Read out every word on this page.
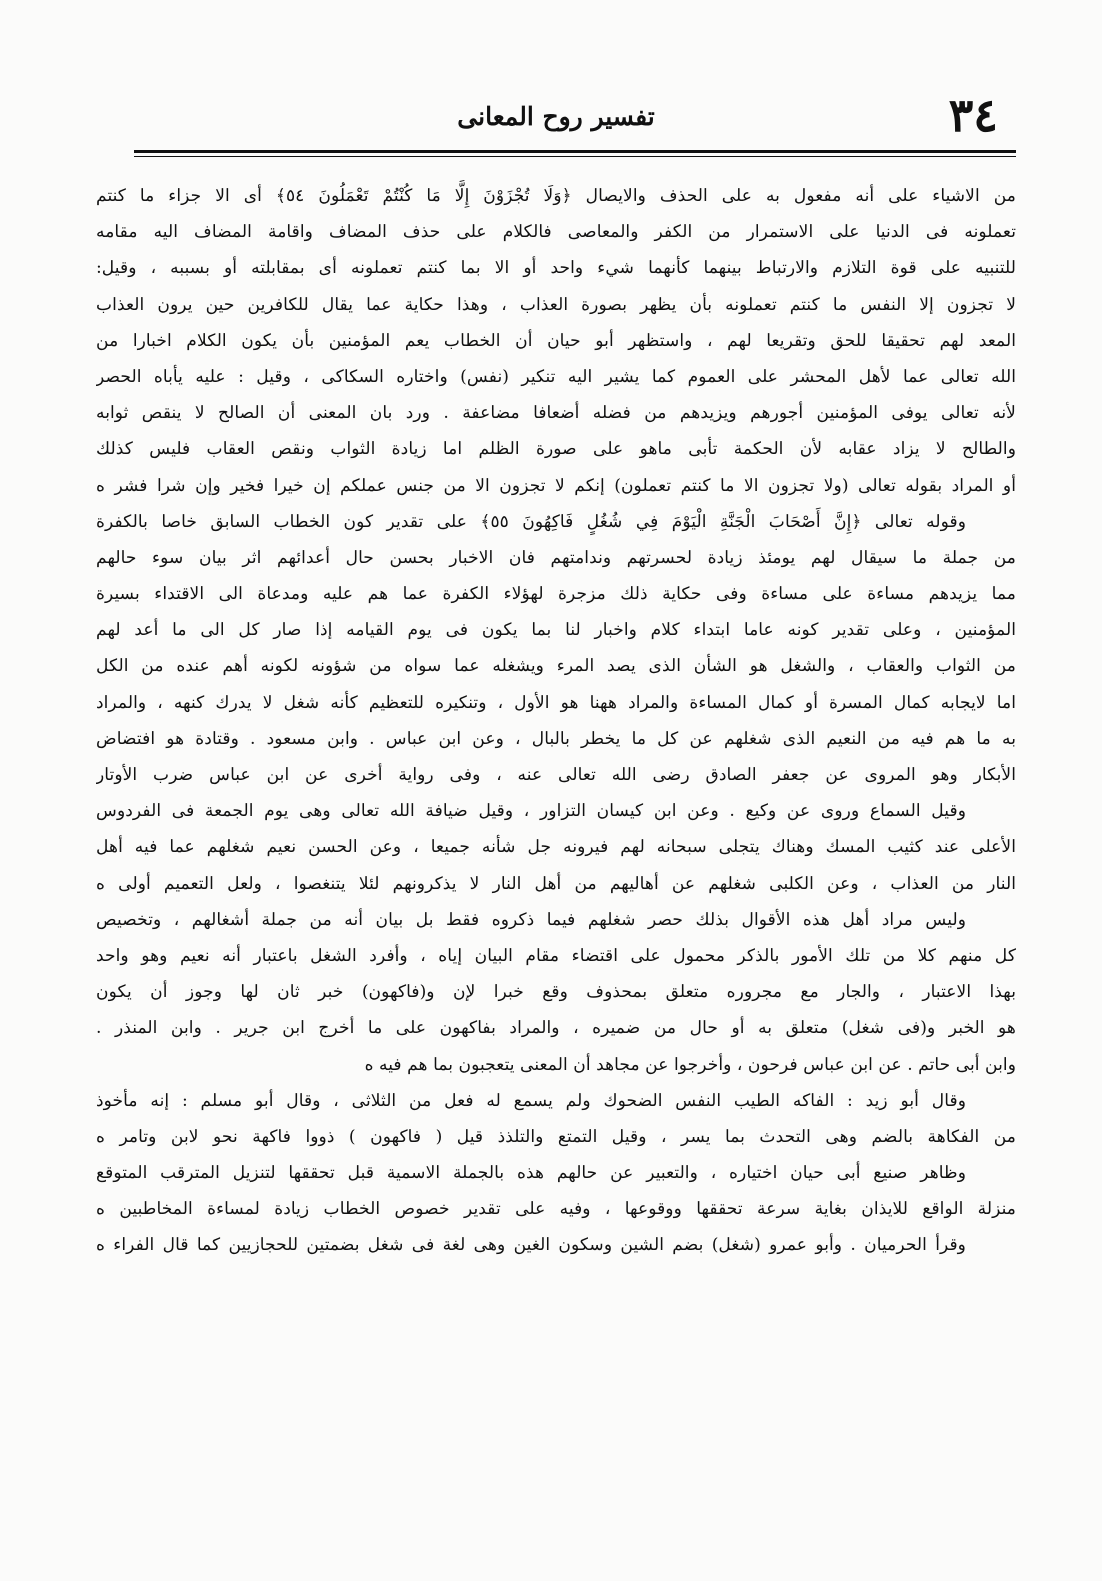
٣٤
تفسير روح المعانى
من الاشياء على أنه مفعول به على الحذف والايصال ﴿وَلَا تُجْزَوْنَ إِلَّا مَا كُنْتُمْ تَعْمَلُونَ ٥٤﴾ أى الا جزاء ما كنتم
تعملونه فى الدنيا على الاستمرار من الكفر والمعاصى فالكلام على حذف المضاف واقامة المضاف اليه مقامه
للتنبيه على قوة التلازم والارتباط بينهما كأنهما شيء واحد أو الا بما كنتم تعملونه أى بمقابلته أو بسببه ، وقيل:
لا تجزون إلا النفس ما كنتم تعملونه بأن يظهر بصورة العذاب ، وهذا حكاية عما يقال للكافرين حين يرون العذاب
المعد لهم تحقيقا للحق وتقريعا لهم ، واستظهر أبو حيان أن الخطاب يعم المؤمنين بأن يكون الكلام اخبارا من
الله تعالى عما لأهل المحشر على العموم كما يشير اليه تنكير (نفس) واختاره السكاكى ، وقيل : عليه يأباه الحصر
لأنه تعالى يوفى المؤمنين أجورهم ويزيدهم من فضله أضعافا مضاعفة . ورد بان المعنى أن الصالح لا ينقص ثوابه
والطالح لا يزاد عقابه لأن الحكمة تأبى ماهو على صورة الظلم اما زيادة الثواب ونقص العقاب فليس كذلك
أو المراد بقوله تعالى (ولا تجزون الا ما كنتم تعملون) إنكم لا تجزون الا من جنس عملكم إن خيرا فخير وإن شرا فشر ه
وقوله تعالى ﴿إِنَّ أَصْحَابَ الْجَنَّةِ الْيَوْمَ فِي شُغُلٍ فَاكِهُونَ ٥٥﴾ على تقدير كون الخطاب السابق خاصا بالكفرة
من جملة ما سيقال لهم يومئذ زيادة لحسرتهم وندامتهم فان الاخبار بحسن حال أعدائهم اثر بيان سوء حالهم
مما يزيدهم مساءة على مساءة وفى حكاية ذلك مزجرة لهؤلاء الكفرة عما هم عليه ومدعاة الى الاقتداء بسيرة
المؤمنين ، وعلى تقدير كونه عاما ابتداء كلام واخبار لنا بما يكون فى يوم القيامه إذا صار كل الى ما أعد لهم
من الثواب والعقاب ، والشغل هو الشأن الذى يصد المرء ويشغله عما سواه من شؤونه لكونه أهم عنده من الكل
اما لايجابه كمال المسرة أو كمال المساءة والمراد ههنا هو الأول ، وتنكيره للتعظيم كأنه شغل لا يدرك كنهه ، والمراد
به ما هم فيه من النعيم الذى شغلهم عن كل ما يخطر بالبال ، وعن ابن عباس . وابن مسعود . وقتادة هو افتضاض
الأبكار وهو المروى عن جعفر الصادق رضى الله تعالى عنه ، وفى رواية أخرى عن ابن عباس ضرب الأوتار
وقيل السماع وروى عن وكيع . وعن ابن كيسان التزاور ، وقيل ضيافة الله تعالى وهى يوم الجمعة فى الفردوس
الأعلى عند كثيب المسك وهناك يتجلى سبحانه لهم فيرونه جل شأنه جميعا ، وعن الحسن نعيم شغلهم عما فيه أهل
النار من العذاب ، وعن الكلبى شغلهم عن أهاليهم من أهل النار لا يذكرونهم لئلا يتنغصوا ، ولعل التعميم أولى ه
وليس مراد أهل هذه الأقوال بذلك حصر شغلهم فيما ذكروه فقط بل بيان أنه من جملة أشغالهم ، وتخصيص
كل منهم كلا من تلك الأمور بالذكر محمول على اقتضاء مقام البيان إياه ، وأفرد الشغل باعتبار أنه نعيم وهو واحد
بهذا الاعتبار ، والجار مع مجروره متعلق بمحذوف وقع خبرا لإن و(فاكهون) خبر ثان لها وجوز أن يكون
هو الخبر و(فى شغل) متعلق به أو حال من ضميره ، والمراد بفاكهون على ما أخرج ابن جرير . وابن المنذر .
وابن أبى حاتم . عن ابن عباس فرحون ، وأخرجوا عن مجاهد أن المعنى يتعجبون بما هم فيه ه
وقال أبو زيد : الفاكه الطيب النفس الضحوك ولم يسمع له فعل من الثلاثى ، وقال أبو مسلم : إنه مأخوذ
من الفكاهة بالضم وهى التحدث بما يسر ، وقيل التمتع والتلذذ قيل ( فاكهون ) ذووا فاكهة نحو لابن وتامر ه
وظاهر صنيع أبى حيان اختياره ، والتعبير عن حالهم هذه بالجملة الاسمية قبل تحققها لتنزيل المترقب المتوقع
منزلة الواقع للايذان بغاية سرعة تحققها ووقوعها ، وفيه على تقدير خصوص الخطاب زيادة لمساءة المخاطبين ه
وقرأ الحرميان . وأبو عمرو (شغل) بضم الشين وسكون الغين وهى لغة فى شغل بضمتين للحجازيين كما قال الفراء ه
